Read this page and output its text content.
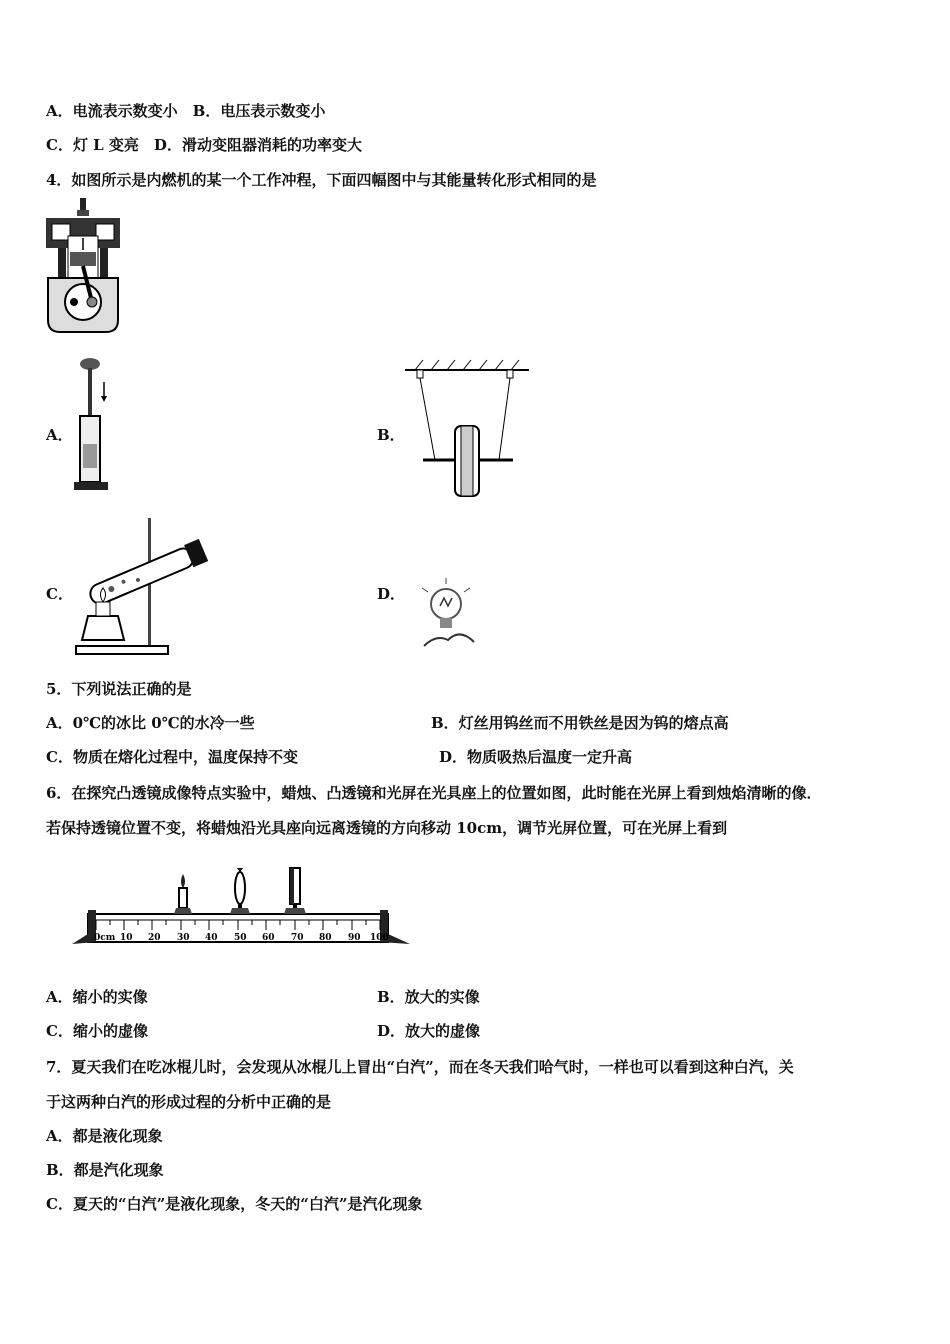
A．电流表示数变小　B．电压表示数变小
C．灯 L 变亮　D．滑动变阻器消耗的功率变大
4．如图所示是内燃机的某一个工作冲程，下面四幅图中与其能量转化形式相同的是
A．	B．
C．	D．
5．下列说法正确的是
A．0℃的冰比 0℃的水冷一些	B．灯丝用钨丝而不用铁丝是因为钨的熔点高
C．物质在熔化过程中，温度保持不变	D．物质吸热后温度一定升高
6．在探究凸透镜成像特点实验中，蜡烛、凸透镜和光屏在光具座上的位置如图，此时能在光屏上看到烛焰清晰的像．
若保持透镜位置不变，将蜡烛沿光具座向远离透镜的方向移动 10cm，调节光屏位置，可在光屏上看到
0cm 10 20 30 40 50 60 70 80 90 100
A．缩小的实像	B．放大的实像
C．缩小的虚像	D．放大的虚像
7．夏天我们在吃冰棍儿时，会发现从冰棍儿上冒出“白汽”，而在冬天我们哈气时，一样也可以看到这种白汽，关
于这两种白汽的形成过程的分析中正确的是
A．都是液化现象
B．都是汽化现象
C．夏天的“白汽”是液化现象，冬天的“白汽”是汽化现象
